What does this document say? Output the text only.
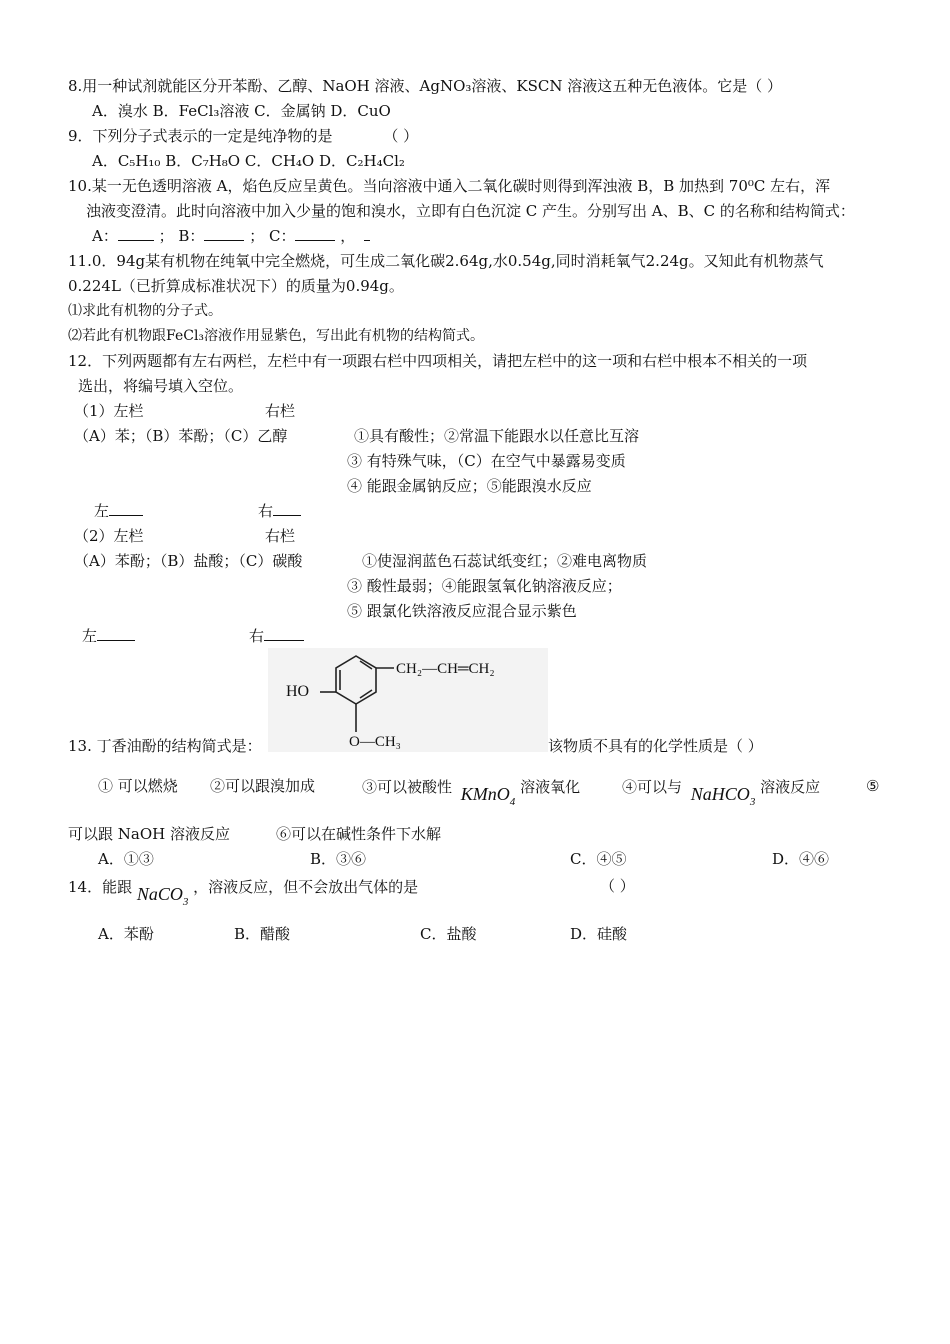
8.用一种试剂就能区分开苯酚、乙醇、NaOH 溶液、AgNO₃溶液、KSCN 溶液这五种无色液体。它是（ ）
A．溴水 B．FeCl₃溶液 C．金属钠 D．CuO
9．下列分子式表示的一定是纯净物的是	（ ）
A．C₅H₁₀ B．C₇H₈O C．CH₄O D．C₂H₄Cl₂
10.某一无色透明溶液 A，焰色反应呈黄色。当向溶液中通入二氧化碳时则得到浑浊液 B，B 加热到 70⁰C 左右，浑
浊液变澄清。此时向溶液中加入少量的饱和溴水，立即有白色沉淀 C 产生。分别写出 A、B、C 的名称和结构简式：
A：	； B：	； C：	，
11.0．94g某有机物在纯氧中完全燃烧，可生成二氧化碳2.64g,水0.54g,同时消耗氧气2.24g。又知此有机物蒸气
0.224L（已折算成标准状况下）的质量为0.94g。
⑴求此有机物的分子式。
⑵若此有机物跟FeCl₃溶液作用显紫色，写出此有机物的结构简式。
12．下列两题都有左右两栏，左栏中有一项跟右栏中四项相关，请把左栏中的这一项和右栏中根本不相关的一项
选出，将编号填入空位。
（1）左栏	右栏
（A）苯；（B）苯酚；（C）乙醇	①具有酸性；②常温下能跟水以任意比互溶
③ 有特殊气味，（C）在空气中暴露易变质
④ 能跟金属钠反应；⑤能跟溴水反应
左	右
（2）左栏	右栏
（A）苯酚；（B）盐酸；（C）碳酸	①使湿润蓝色石蕊试纸变红；②难电离物质
③ 酸性最弱；④能跟氢氧化钠溶液反应；
⑤ 跟氯化铁溶液反应混合显示紫色
左	右
HO
CH₂—CH═CH₂
O—CH₃
13. 丁香油酚的结构简式是：	该物质不具有的化学性质是（ ）
① 可以燃烧 ②可以跟溴加成	③可以被酸性 KMnO$_4$ 溶液氧化	④可以与 NaHCO$_3$ 溶液反应	⑤
可以跟 NaOH 溶液反应	⑥可以在碱性条件下水解
A．①③	B．③⑥	C．④⑤	D．④⑥
14．能跟 NaCO$_3$ ，溶液反应，但不会放出气体的是	（ ）
A．苯酚	B．醋酸	C．盐酸	D．硅酸
